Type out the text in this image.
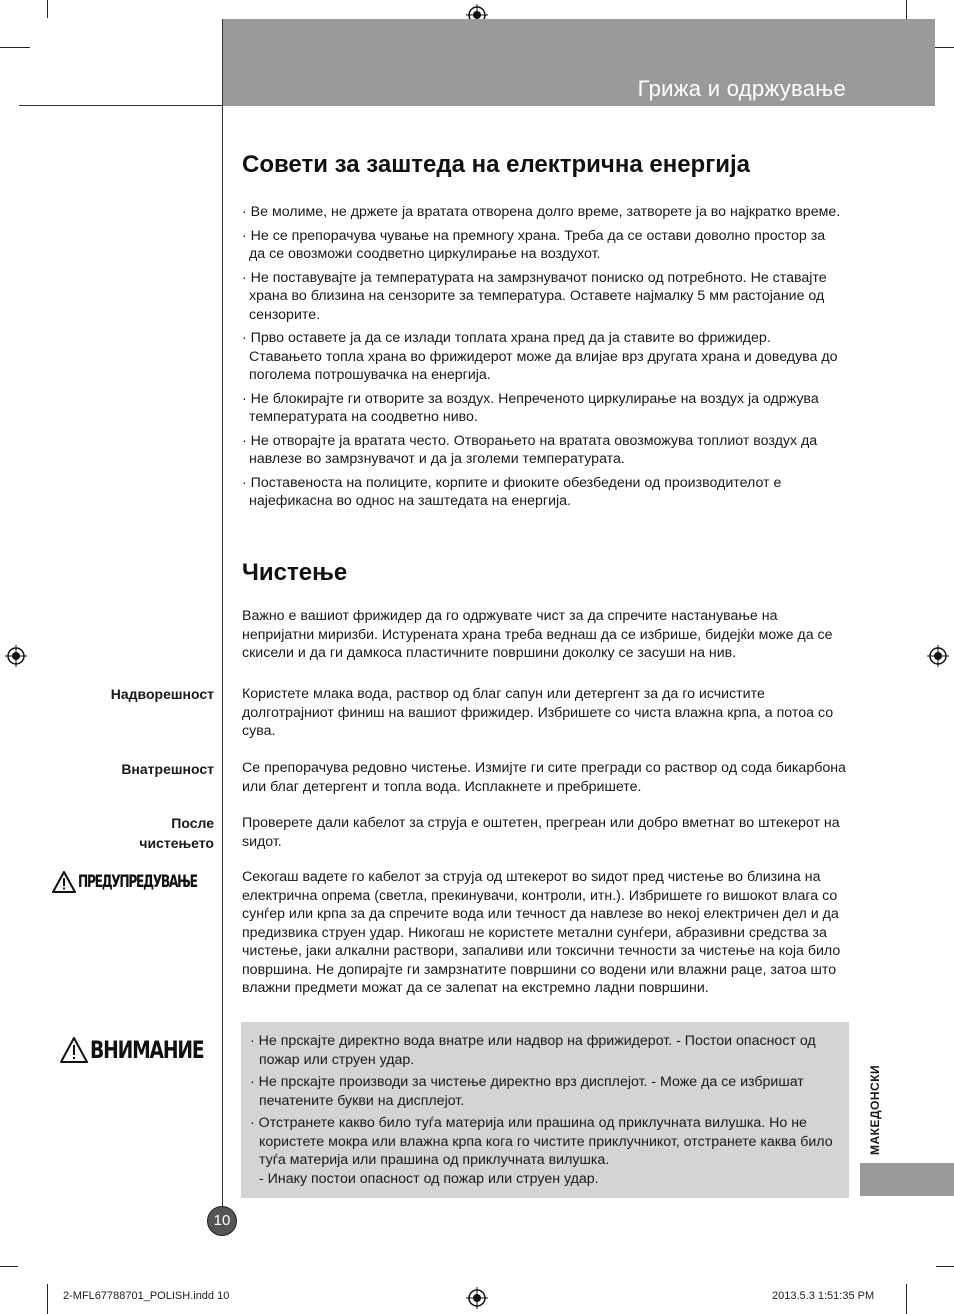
Грижа и одржување
Совети за заштеда на електрична енергија
· Ве молиме, не држете ја вратата отворена долго време, затворете ја во најкратко време.
· Не се препорачува чување на премногу храна. Треба да се остави доволно простор за да се овозможи соодветно циркулирање на воздухот.
· Не поставувајте ја температурата на замрзнувачот пониско од потребното. Не ставајте храна во близина на сензорите за температура. Оставете најмалку 5 мм растојание од сензорите.
· Прво оставете ја да се излади топлата храна пред да ја ставите во фрижидер. Ставањето топла храна во фрижидерот може да влијае врз другата храна и доведува до поголема потрошувачка на енергија.
· Не блокирајте ги отворите за воздух. Непреченото циркулирање на воздух ја одржува температурата на соодветно ниво.
· Не отворајте ја вратата често. Отворањето на вратата овозможува топлиот воздух да навлезе во замрзнувачот и да ја зголеми температурата.
· Поставеноста на полиците, корпите и фиоките обезбедени од производителот е најефикасна во однос на заштедата на енергија.
Чистење

Важно е вашиот фрижидер да го одржувате чист за да спречите настанување на непријатни миризби. Истурената храна треба веднаш да се избрише, бидејќи може да се скисели и да ги дамкоса пластичните површини доколку се засуши на нив.

Надворешност Користете млака вода, раствор од благ сапун или детергент за да го исчистите долготрајниот финиш на вашиот фрижидер. Избришете со чиста влажна крпа, а потоа со сува.

Внатрешност Се препорачува редовно чистење. Измијте ги сите прегради со раствор од сода бикарбона или благ детергент и топла вода. Исплакнете и пребришете.

После
чистењето

Проверете дали кабелот за струја е оштетен, прегреан или добро вметнат во штекерот на ѕидот.

ПРЕДУПРЕДУВАЊЕ	Секогаш вадете го кабелот за струја од штекерот во ѕидот пред чистење во близина на електрична опрема (светла, прекинувачи, контроли, итн.). Избришете го вишокот влага со сунѓер или крпа за да спречите вода или течност да навлезе во некој електричен дел и да предизвика струен удар. Никогаш не користете метални сунѓери, абразивни средства за чистење, јаки алкални раствори, запаливи или токсични течности за чистење на која било површина. Не допирајте ги замрзнатите површини со водени или влажни раце, затоа што влажни предмети можат да се залепат на екстремно ладни површини.

ВНИМАНИЕ	· Не прскајте директно вода внатре или надвор на фрижидерот. - Постои опасност од пожар или струен удар.
· Не прскајте производи за чистење директно врз дисплејот. - Може да се избришат печатените букви на дисплејот.
· Отстранете какво било туѓа материја или прашина од приклучната вилушка. Но не користете мокра или влажна крпа кога го чистите приклучникот, отстранете каква било туѓа материја или прашина од приклучната вилушка.
- Инаку постои опасност од пожар или струен удар.
МАКЕДОНСКИ
10
2-MFL67788701_POLISH.indd 10	2013.5.3 1:51:35 PM
